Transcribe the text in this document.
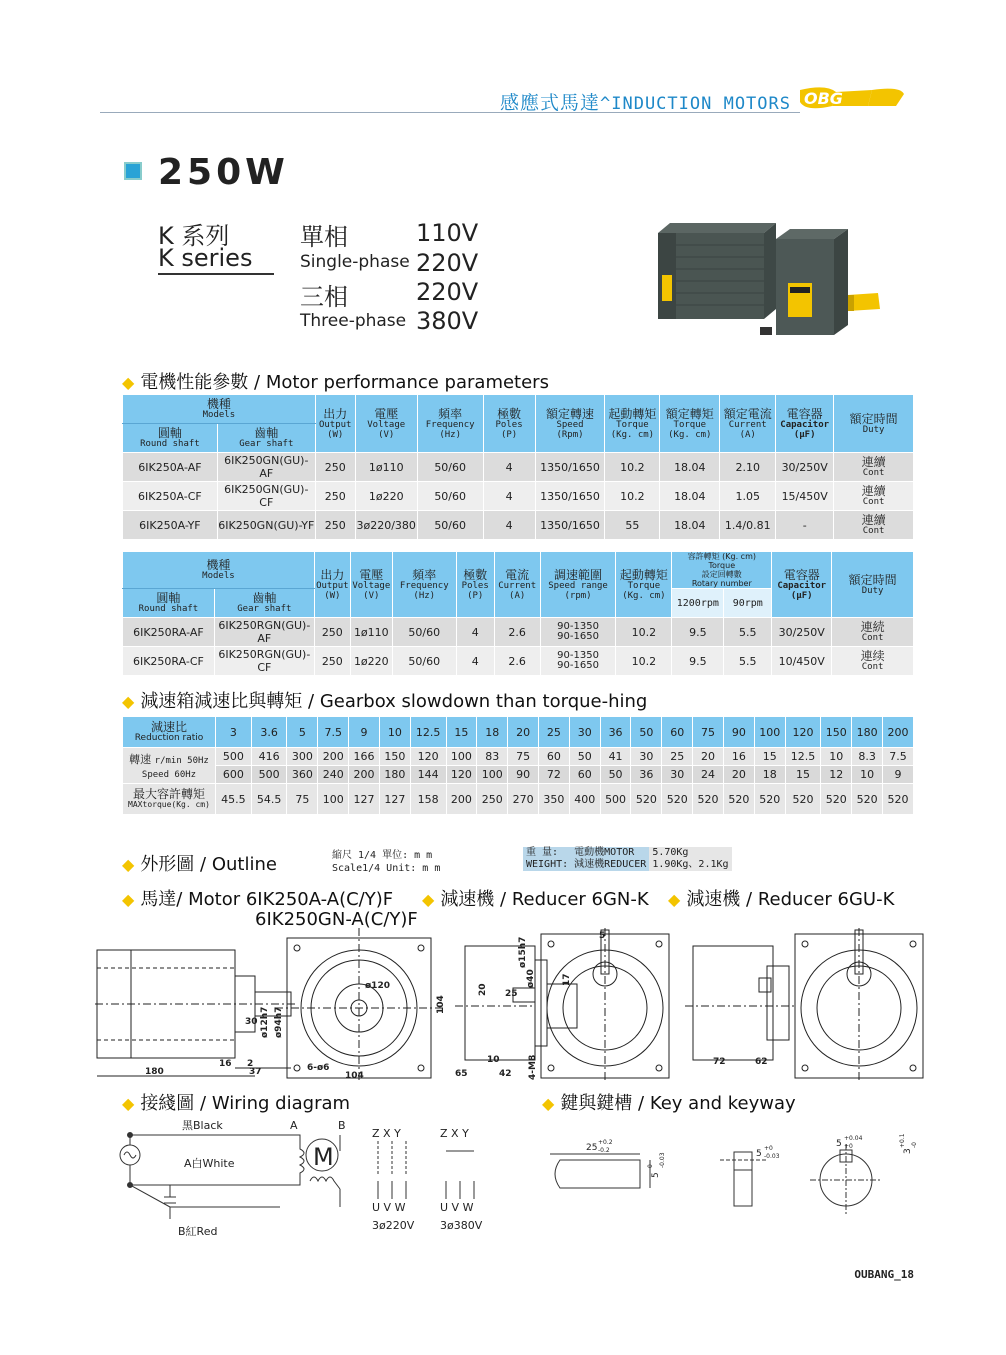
感應式馬達^INDUCTION MOTORS OBG
250W
K 系列
K series
單相
Single-phase
110V
220V
三相
Three-phase
220V
380V
◆ 電機性能參數 / Motor performance parameters
機種
Models		出力
Output
(W)	電壓
Voltage
(V)	頻率
Frequency
(Hz)	極數
Poles
(P)	額定轉速
Speed
(Rpm)	起動轉矩
Torque
(Kg. cm)	額定轉矩
Torque
(Kg. cm)	額定電流
Current
(A)	電容器
Capacitor
(μF)	額定時間
Duty

圓軸
Round shaft	齒軸
Gear shaft										

6IK250A-AF	6IK250GN(GU)-AF	250	1ø110	50/60	4	1350/1650	10.2	18.04	2.10	30/250V	連續
Cont

6IK250A-CF	6IK250GN(GU)-CF	250	1ø220	50/60	4	1350/1650	10.2	18.04	1.05	15/450V	連續
Cont

6IK250A-YF	6IK250GN(GU)-YF	250	3ø220/380	50/60	4	1350/1650	55	18.04	1.4/0.81	-	連續
Cont
機種
Models		出力
Output
(W)	電壓
Voltage
(V)	頻率
Frequency
(Hz)	極數
Poles
(P)	電流
Current
(A)	調速範圍
Speed range
(rpm)	起動轉矩
Torque
(Kg. cm)	容許轉矩 (Kg. cm)
Torque
設定回轉數
Rotary number		電容器
Capacitor
(μF)	額定時間
Duty

圓軸
Round shaft	齒軸
Gear shaft								1200rpm	90rpm		
6IK250RA-AF	6IK250RGN(GU)-AF	250	1ø110	50/60	4	2.6	90-1350
90-1650	10.2	9.5	5.5	30/250V	連続
Cont

6IK250RA-CF	6IK250RGN(GU)-CF	250	1ø220	50/60	4	2.6	90-1350
90-1650	10.2	9.5	5.5	10/450V	連续
Cont
◆ 減速箱減速比與轉矩 / Gearbox slowdown than torque-hing
減速比
Reduction ratio	3	3.6	5	7.5	9	10	12.5	15	18	20	25	30	36	50	60	75	90	100	120	150	180	200
轉速 r/min 50Hz
Speed 60Hz	500	416	300	200	166	150	120	100	83	75	60	50	41	30	25	20	16	15	12.5	10	8.3	7.5
	600	500	360	240	200	180	144	120	100	90	72	60	50	36	30	24	20	18	15	12	10	9

最大容許轉矩
MAXtorque(Kg. cm)	45.5	54.5	75	100	127	127	158	200	250	270	350	400	500	520	520	520	520	520	520	520	520	520
◆ 外形圖 / Outline	縮尺 1/4 單位: m m
Scale1/4 Unit: m m
重 量:	電動機MOTOR	5.70Kg
WEIGHT:	減速機REDUCER	1.90Kg、2.1Kg
◆ 馬達/ Motor 6IK250A-A(C/Y)F
6IK250GN-A(C/Y)F
◆ 減速機 / Reducer 6GN-K ◆ 減速機 / Reducer 6GU-K
180	37
30
16 2
ø12h7 ø94h7
104
ø120
6-ø6
104
65	42
20 25
10
ø15h7
ø40	17
5
4-M8	72	62
◆ 接綫圖 / Wiring diagram
黑Black
A白White
B紅Red
A	B
M
Z X Y	Z X Y
U V W	U V W
3ø220V 3ø380V
◆ 鍵與鍵槽 / Key and keyway
25
+0.2
-0.2
5
0 -0.03	5
+0
-0.03
5
+0.04
+0
3
+0.1 -0
OUBANG_18
